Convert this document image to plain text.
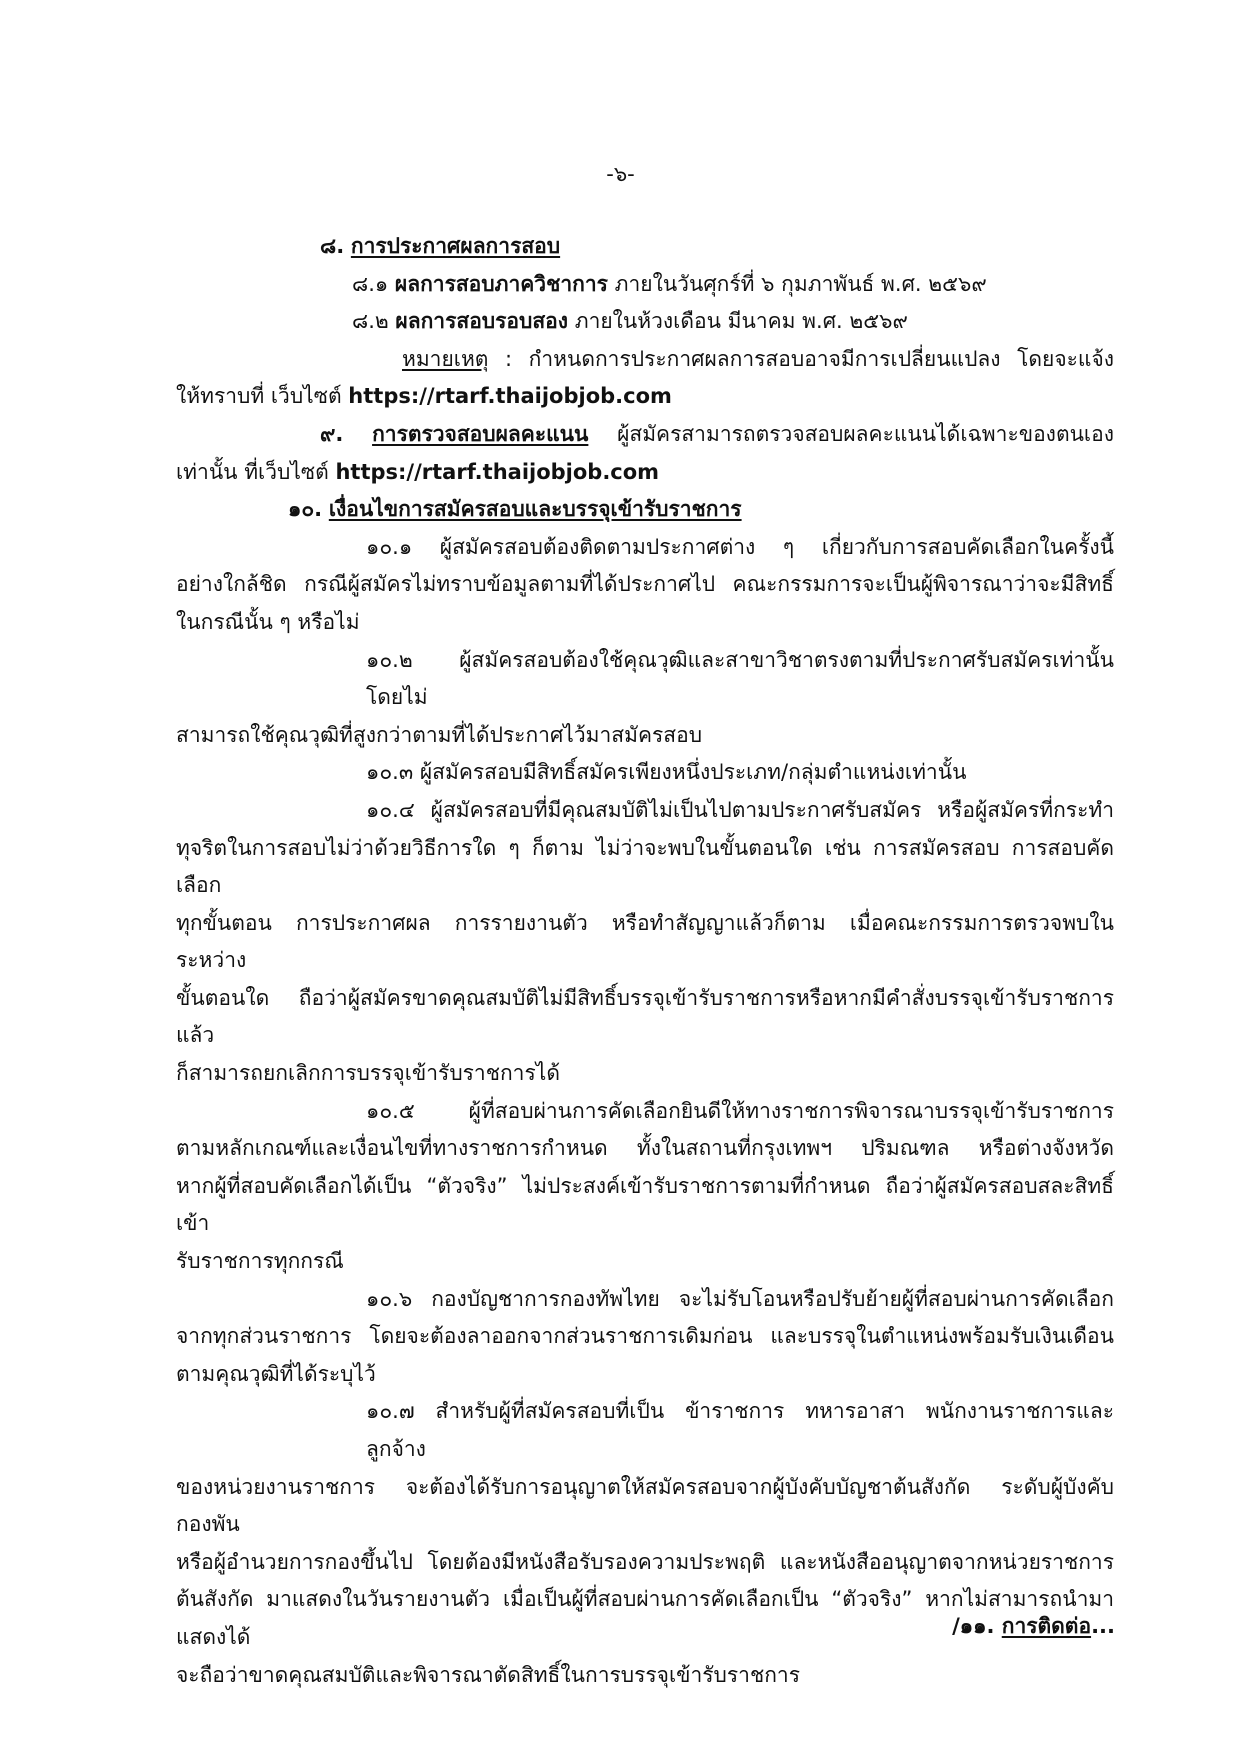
-๖-
๘. การประกาศผลการสอบ
๘.๑ ผลการสอบภาควิชาการ ภายในวันศุกร์ที่ ๖ กุมภาพันธ์ พ.ศ. ๒๕๖๙
๘.๒ ผลการสอบรอบสอง ภายในห้วงเดือน มีนาคม พ.ศ. ๒๕๖๙
หมายเหตุ : กำหนดการประกาศผลการสอบอาจมีการเปลี่ยนแปลง โดยจะแจ้ง
ให้ทราบที่ เว็บไซต์ https://rtarf.thaijobjob.com
๙. การตรวจสอบผลคะแนน ผู้สมัครสามารถตรวจสอบผลคะแนนได้เฉพาะของตนเอง
เท่านั้น ที่เว็บไซต์ https://rtarf.thaijobjob.com
๑๐. เงื่อนไขการสมัครสอบและบรรจุเข้ารับราชการ
๑๐.๑ ผู้สมัครสอบต้องติดตามประกาศต่าง ๆ เกี่ยวกับการสอบคัดเลือกในครั้งนี้
อย่างใกล้ชิด กรณีผู้สมัครไม่ทราบข้อมูลตามที่ได้ประกาศไป คณะกรรมการจะเป็นผู้พิจารณาว่าจะมีสิทธิ์
ในกรณีนั้น ๆ หรือไม่
๑๐.๒ ผู้สมัครสอบต้องใช้คุณวุฒิและสาขาวิชาตรงตามที่ประกาศรับสมัครเท่านั้น โดยไม่
สามารถใช้คุณวุฒิที่สูงกว่าตามที่ได้ประกาศไว้มาสมัครสอบ
๑๐.๓ ผู้สมัครสอบมีสิทธิ์สมัครเพียงหนึ่งประเภท/กลุ่มตำแหน่งเท่านั้น
๑๐.๔ ผู้สมัครสอบที่มีคุณสมบัติไม่เป็นไปตามประกาศรับสมัคร หรือผู้สมัครที่กระทำ
ทุจริตในการสอบไม่ว่าด้วยวิธีการใด ๆ ก็ตาม ไม่ว่าจะพบในขั้นตอนใด เช่น การสมัครสอบ การสอบคัดเลือก
ทุกขั้นตอน การประกาศผล การรายงานตัว หรือทำสัญญาแล้วก็ตาม เมื่อคณะกรรมการตรวจพบในระหว่าง
ขั้นตอนใด ถือว่าผู้สมัครขาดคุณสมบัติไม่มีสิทธิ์บรรจุเข้ารับราชการหรือหากมีคำสั่งบรรจุเข้ารับราชการแล้ว
ก็สามารถยกเลิกการบรรจุเข้ารับราชการได้
๑๐.๕ ผู้ที่สอบผ่านการคัดเลือกยินดีให้ทางราชการพิจารณาบรรจุเข้ารับราชการ
ตามหลักเกณฑ์และเงื่อนไขที่ทางราชการกำหนด ทั้งในสถานที่กรุงเทพฯ ปริมณฑล หรือต่างจังหวัด
หากผู้ที่สอบคัดเลือกได้เป็น “ตัวจริง” ไม่ประสงค์เข้ารับราชการตามที่กำหนด ถือว่าผู้สมัครสอบสละสิทธิ์เข้า
รับราชการทุกกรณี
๑๐.๖ กองบัญชาการกองทัพไทย จะไม่รับโอนหรือปรับย้ายผู้ที่สอบผ่านการคัดเลือก
จากทุกส่วนราชการ โดยจะต้องลาออกจากส่วนราชการเดิมก่อน และบรรจุในตำแหน่งพร้อมรับเงินเดือน
ตามคุณวุฒิที่ได้ระบุไว้
๑๐.๗ สำหรับผู้ที่สมัครสอบที่เป็น ข้าราชการ ทหารอาสา พนักงานราชการและลูกจ้าง
ของหน่วยงานราชการ จะต้องได้รับการอนุญาตให้สมัครสอบจากผู้บังคับบัญชาต้นสังกัด ระดับผู้บังคับกองพัน
หรือผู้อำนวยการกองขึ้นไป โดยต้องมีหนังสือรับรองความประพฤติ และหนังสืออนุญาตจากหน่วยราชการ
ต้นสังกัด มาแสดงในวันรายงานตัว เมื่อเป็นผู้ที่สอบผ่านการคัดเลือกเป็น “ตัวจริง” หากไม่สามารถนำมาแสดงได้
จะถือว่าขาดคุณสมบัติและพิจารณาตัดสิทธิ์ในการบรรจุเข้ารับราชการ
/๑๑. การติดต่อ...
